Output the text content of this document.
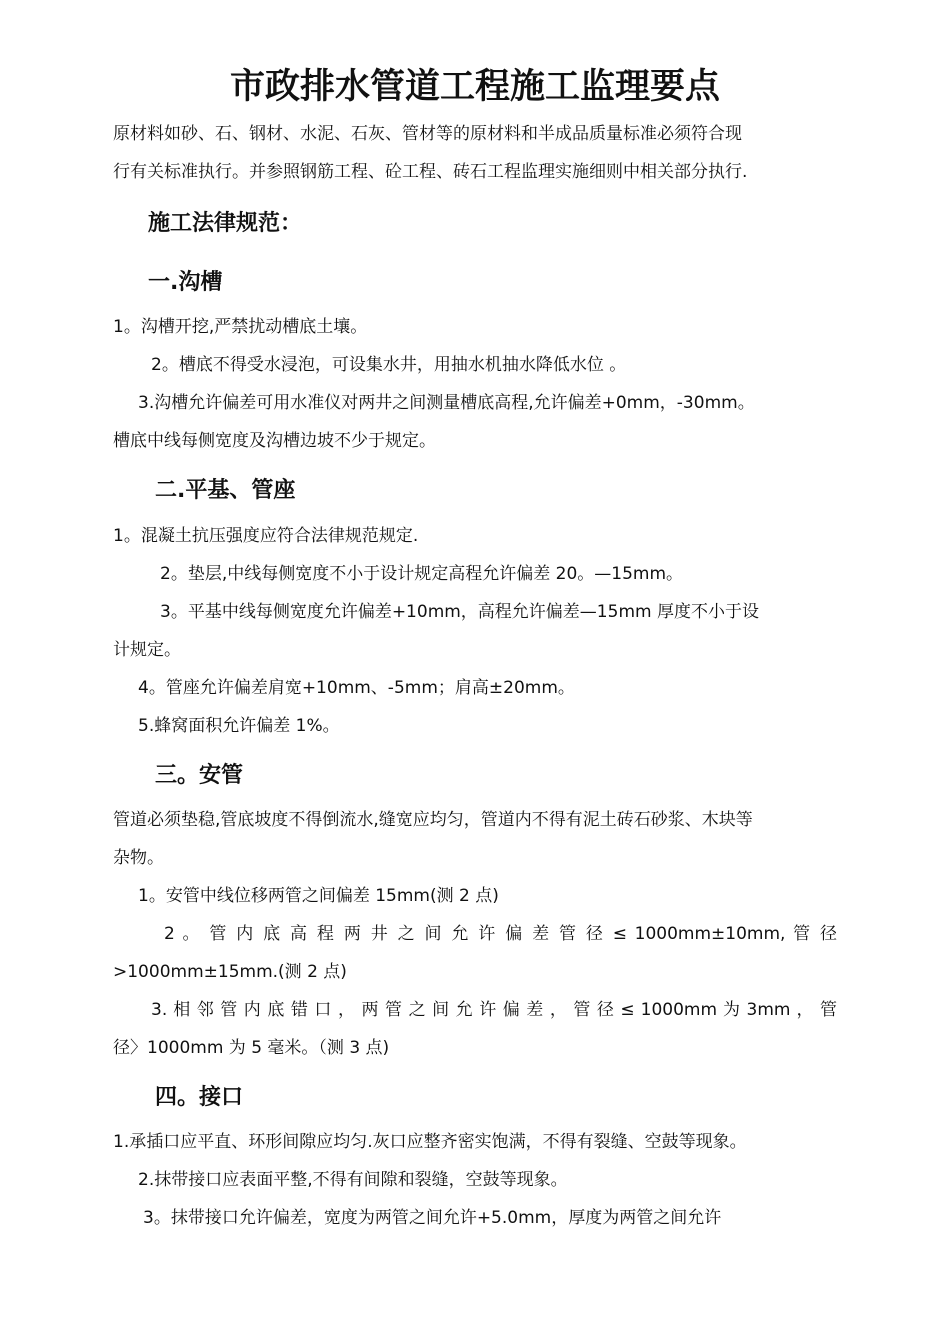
市政排水管道工程施工监理要点

原材料如砂、石、钢材、水泥、石灰、管材等的原材料和半成品质量标准必须符合现

行有关标准执行。并参照钢筋工程、砼工程、砖石工程监理实施细则中相关部分执行.

施工法律规范：
一.沟槽

1。沟槽开挖,严禁扰动槽底土壤。

2。槽底不得受水浸泡，可设集水井，用抽水机抽水降低水位 。

3.沟槽允许偏差可用水准仪对两井之间测量槽底高程,允许偏差+0mm，-30mm。

槽底中线每侧宽度及沟槽边坡不少于规定。

二.平基、管座

1。混凝土抗压强度应符合法律规范规定.

2。垫层,中线每侧宽度不小于设计规定高程允许偏差 20。—15mm。

3。平基中线每侧宽度允许偏差+10mm，高程允许偏差—15mm 厚度不小于设

计规定。

4。管座允许偏差肩宽+10mm、-5mm；肩高±20mm。

5.蜂窝面积允许偏差 1%。

三。安管

管道必须垫稳,管底坡度不得倒流水,缝宽应均匀，管道内不得有泥土砖石砂浆、木块等

杂物。

1。安管中线位移两管之间偏差 15mm(测 2 点)

2 。 管 内 底 高 程 两 井 之 间 允 许 偏 差 管 径 ≤ 1000mm±10mm, 管 径

>1000mm±15mm.(测 2 点)

3. 相 邻 管 内 底 错 口 ， 两 管 之 间 允 许 偏 差 ， 管 径 ≤ 1000mm 为 3mm ， 管

径〉1000mm 为 5 毫米。（测 3 点)

四。接口

1.承插口应平直、环形间隙应均匀.灰口应整齐密实饱满，不得有裂缝、空鼓等现象。

2.抹带接口应表面平整,不得有间隙和裂缝，空鼓等现象。

3。抹带接口允许偏差，宽度为两管之间允许+5.0mm，厚度为两管之间允许
